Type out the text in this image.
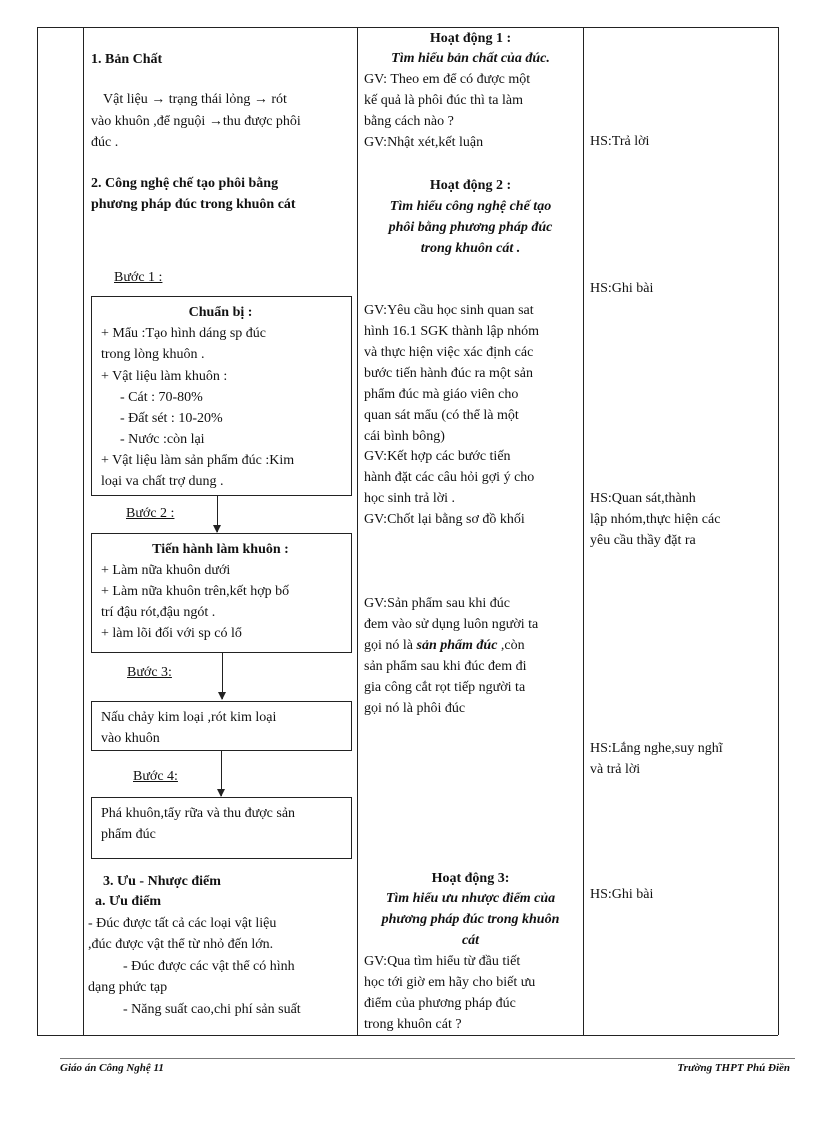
1. Bản Chất
Vật liệu → trạng thái lỏng → rót
vào khuôn ,để nguội →thu được phôi
đúc .
2. Công nghệ chế tạo phôi bằng
phương pháp đúc trong khuôn cát
Bước 1 :
Chuẩn bị :
+ Mẩu :Tạo hình dáng sp đúc
trong lòng khuôn .
+ Vật liệu làm khuôn :
- Cát : 70-80%
- Đất sét : 10-20%
- Nước :còn lại
+ Vật liệu làm sản phẩm đúc :Kim
loại va chất trợ dung .
Bước 2 :
Tiến hành làm khuôn :
+ Làm nữa khuôn dưới
+ Làm nữa khuôn trên,kết hợp bố
trí đậu rót,đậu ngót .
+ làm lõi đối với sp có lổ
Bước 3:
Nấu chảy kim loại ,rót kim loại
vào khuôn
Bước 4:
Phá khuôn,tẩy rữa và thu được sản
phẩm đúc
3. Ưu - Nhược điểm
a. Ưu điểm
- Đúc được tất cả các loại vật liệu
,đúc được vật thể từ nhỏ đến lớn.
- Đúc được các vật thể có hình
dạng phức tạp
- Năng suất cao,chi phí sản suất
Hoạt động 1 :
Tìm hiểu bản chất của đúc.
GV: Theo em để có được một
kế quả là phôi đúc thì ta làm
bằng cách nào ?
GV:Nhật xét,kết luận
Hoạt động 2 :
Tìm hiểu công nghệ chế tạo
phôi bằng phương pháp đúc
trong khuôn cát .
GV:Yêu cầu học sinh quan sat
hình 16.1 SGK thành lập nhóm
và thực hiện việc xác định các
bước tiến hành đúc ra một sản
phẩm đúc mà giáo viên cho
quan sát mẩu (có thể là một
cái bình bông)
GV:Kết hợp các bước tiến
hành đặt các câu hỏi gợi ý cho
học sinh trả lời .
GV:Chốt lại bằng sơ đồ khối
GV:Sản phẩm sau khi đúc
đem vào sử dụng luôn người ta
gọi nó là sản phẩm đúc ,còn
sản phẩm sau khi đúc đem đi
gia công cắt rọt tiếp người ta
gọi nó là phôi đúc
Hoạt động 3:
Tìm hiểu ưu nhược điểm của
phương pháp đúc trong khuôn
cát
GV:Qua tìm hiểu từ đầu tiết
học tới giờ em hãy cho biết ưu
điểm của phương pháp đúc
trong khuôn cát ?
HS:Trả lời
HS:Ghi bài
HS:Quan sát,thành
lập nhóm,thực hiện các
yêu cầu thầy đặt ra
HS:Lắng nghe,suy nghĩ
và trả lời
HS:Ghi bài
Giáo án Công Nghệ 11	Trường THPT Phú Điền
